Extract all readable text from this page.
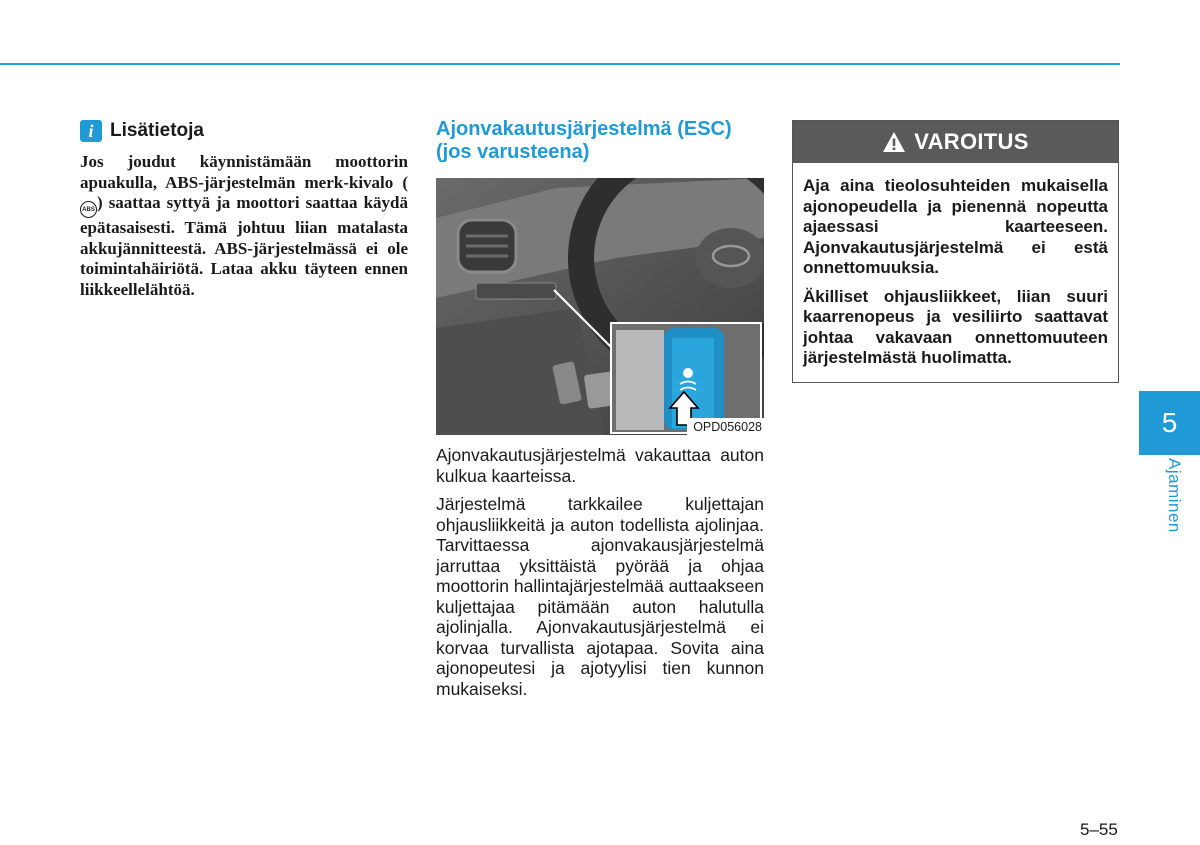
i Lisätietoja

Jos joudut käynnistämään moottorin apuakulla, ABS-järjestelmän merk-kivalo (ABS ) saattaa syttyä ja moottori saattaa käydä epätasaisesti. Tämä johtuu liian matalasta akkujännitteestä. ABS-järjestelmässä ei ole toimintahäiriötä. Lataa akku täyteen ennen liikkeellelähtöä.

Ajonvakautusjärjestelmä (ESC)
(jos varusteena)
OPD056028

Ajonvakautusjärjestelmä vakauttaa auton kulkua kaarteissa.

Järjestelmä tarkkailee kuljettajan ohjausliikkeitä ja auton todellista ajolinjaa. Tarvittaessa ajonvakausjärjestelmä jarruttaa yksittäistä pyörää ja ohjaa moottorin hallintajärjestelmää auttaakseen kuljettajaa pitämään auton halutulla ajolinjalla. Ajonvakautusjärjestelmä ei korvaa turvallista ajotapaa. Sovita aina ajonopeutesi ja ajotyylisi tien kunnon mukaiseksi.

VAROITUS

Aja aina tieolosuhteiden mukaisella ajonopeudella ja pienennä nopeutta ajaessasi kaarteeseen. Ajonvakautusjärjestelmä ei estä onnettomuuksia.

Äkilliset ohjausliikkeet, liian suuri kaarrenopeus ja vesiliirto saattavat johtaa vakavaan onnettomuuteen järjestelmästä huolimatta.

5
Ajaminen
5–55
